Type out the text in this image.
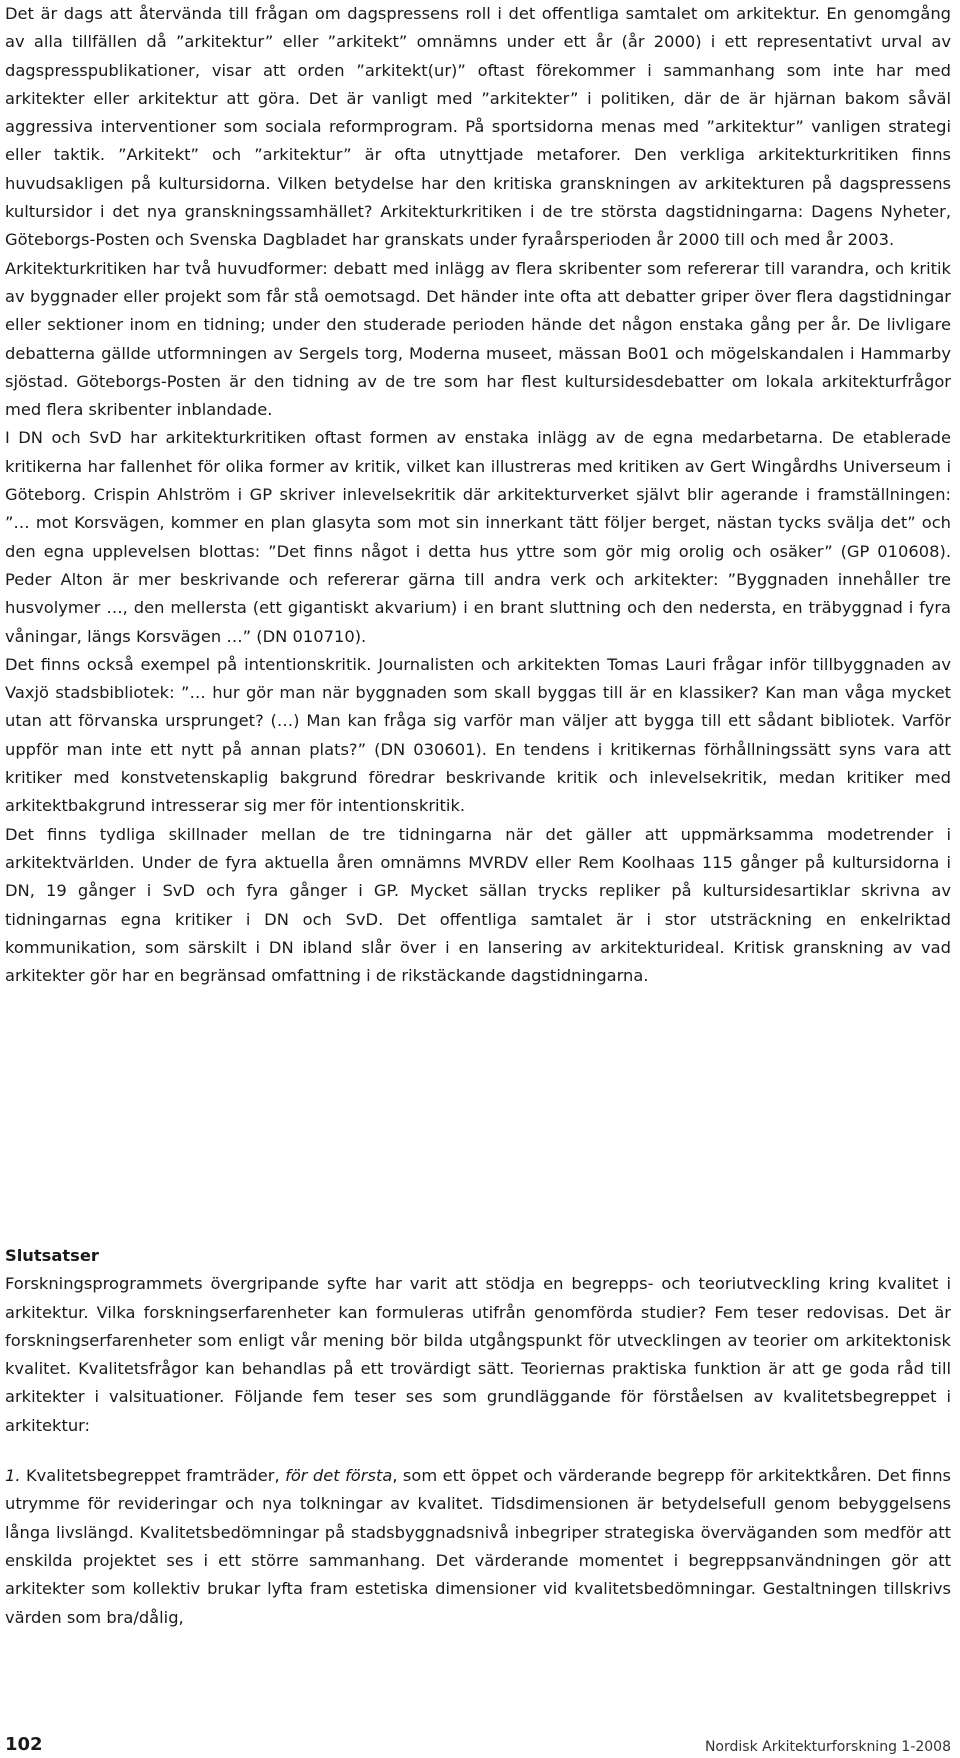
Det är dags att återvända till frågan om dagspressens roll i det offentliga samtalet om arkitektur. En genomgång av alla tillfällen då ”arkitektur” eller ”arkitekt” omnämns under ett år (år 2000) i ett representativt urval av dagspresspublikationer, visar att orden ”arkitekt(ur)” oftast förekommer i sammanhang som inte har med arkitekter eller arkitektur att göra. Det är vanligt med ”arkitekter” i politiken, där de är hjärnan bakom såväl aggressiva interventioner som sociala reformprogram. På sportsidorna menas med ”arkitektur” vanligen strategi eller taktik. ”Arkitekt” och ”arkitektur” är ofta utnyttjade metaforer. Den verkliga arkitekturkritiken finns huvudsakligen på kultursidorna. Vilken betydelse har den kritiska granskningen av arkitekturen på dagspressens kultursidor i det nya granskningssamhället? Arkitekturkritiken i de tre största dagstidningarna: Dagens Nyheter, Göteborgs-Posten och Svenska Dagbladet har granskats under fyraårsperioden år 2000 till och med år 2003.

Arkitekturkritiken har två huvudformer: debatt med inlägg av flera skribenter som refererar till varandra, och kritik av byggnader eller projekt som får stå oemotsagd. Det händer inte ofta att debatter griper över flera dagstidningar eller sektioner inom en tidning; under den studerade perioden hände det någon enstaka gång per år. De livligare debatterna gällde utformningen av Sergels torg, Moderna museet, mässan Bo01 och mögelskandalen i Hammarby sjöstad. Göteborgs-Posten är den tidning av de tre som har flest kultursidesdebatter om lokala arkitekturfrågor med flera skribenter inblandade.

I DN och SvD har arkitekturkritiken oftast formen av enstaka inlägg av de egna medarbetarna. De etablerade kritikerna har fallenhet för olika former av kritik, vilket kan illustreras med kritiken av Gert Wingårdhs Universeum i Göteborg. Crispin Ahlström i GP skriver inlevelsekritik där arkitekturverket självt blir agerande i framställningen: ”… mot Korsvägen, kommer en plan glasyta som mot sin innerkant tätt följer berget, nästan tycks svälja det” och den egna upplevelsen blottas: ”Det finns något i detta hus yttre som gör mig orolig och osäker” (GP 010608). Peder Alton är mer beskrivande och refererar gärna till andra verk och arkitekter: ”Byggnaden innehåller tre husvolymer …, den mellersta (ett gigantiskt akvarium) i en brant sluttning och den nedersta, en träbyggnad i fyra våningar, längs Korsvägen …” (DN 010710).

Det finns också exempel på intentionskritik. Journalisten och arkitekten Tomas Lauri frågar inför tillbyggnaden av Vaxjö stadsbibliotek: ”… hur gör man när byggnaden som skall byggas till är en klassiker? Kan man våga mycket utan att förvanska ursprunget? (…) Man kan fråga sig varför man väljer att bygga till ett sådant bibliotek. Varför uppför man inte ett nytt på annan plats?” (DN 030601). En tendens i kritikernas förhållningssätt syns vara att kritiker med konstvetenskaplig bakgrund föredrar beskrivande kritik och inlevelsekritik, medan kritiker med arkitektbakgrund intresserar sig mer för intentionskritik.

Det finns tydliga skillnader mellan de tre tidningarna när det gäller att uppmärksamma modetrender i arkitektvärlden. Under de fyra aktuella åren omnämns MVRDV eller Rem Koolhaas 115 gånger på kultursidorna i DN, 19 gånger i SvD och fyra gånger i GP. Mycket sällan trycks repliker på kultursidesartiklar skrivna av tidningarnas egna kritiker i DN och SvD. Det offentliga samtalet är i stor utsträckning en enkelriktad kommunikation, som särskilt i DN ibland slår över i en lansering av arkitekturideal. Kritisk granskning av vad arkitekter gör har en begränsad omfattning i de rikstäckande dagstidningarna.

Slutsatser

Forskningsprogrammets övergripande syfte har varit att stödja en begrepps- och teoriutveckling kring kvalitet i arkitektur. Vilka forskningserfarenheter kan formuleras utifrån genomförda studier? Fem teser redovisas. Det är forskningserfarenheter som enligt vår mening bör bilda utgångspunkt för utvecklingen av teorier om arkitektonisk kvalitet. Kvalitetsfrågor kan behandlas på ett trovärdigt sätt. Teoriernas praktiska funktion är att ge goda råd till arkitekter i valsituationer. Följande fem teser ses som grundläggande för förståelsen av kvalitetsbegreppet i arkitektur:

1. Kvalitetsbegreppet framträder, för det första, som ett öppet och värderande begrepp för arkitektkåren. Det finns utrymme för revideringar och nya tolkningar av kvalitet. Tidsdimensionen är betydelsefull genom bebyggelsens långa livslängd. Kvalitetsbedömningar på stadsbyggnadsnivå inbegriper strategiska överväganden som medför att enskilda projektet ses i ett större sammanhang. Det värderande momentet i begreppsanvändningen gör att arkitekter som kollektiv brukar lyfta fram estetiska dimensioner vid kvalitetsbedömningar. Gestaltningen tillskrivs värden som bra/dålig,

102	Nordisk Arkitekturforskning 1-2008
